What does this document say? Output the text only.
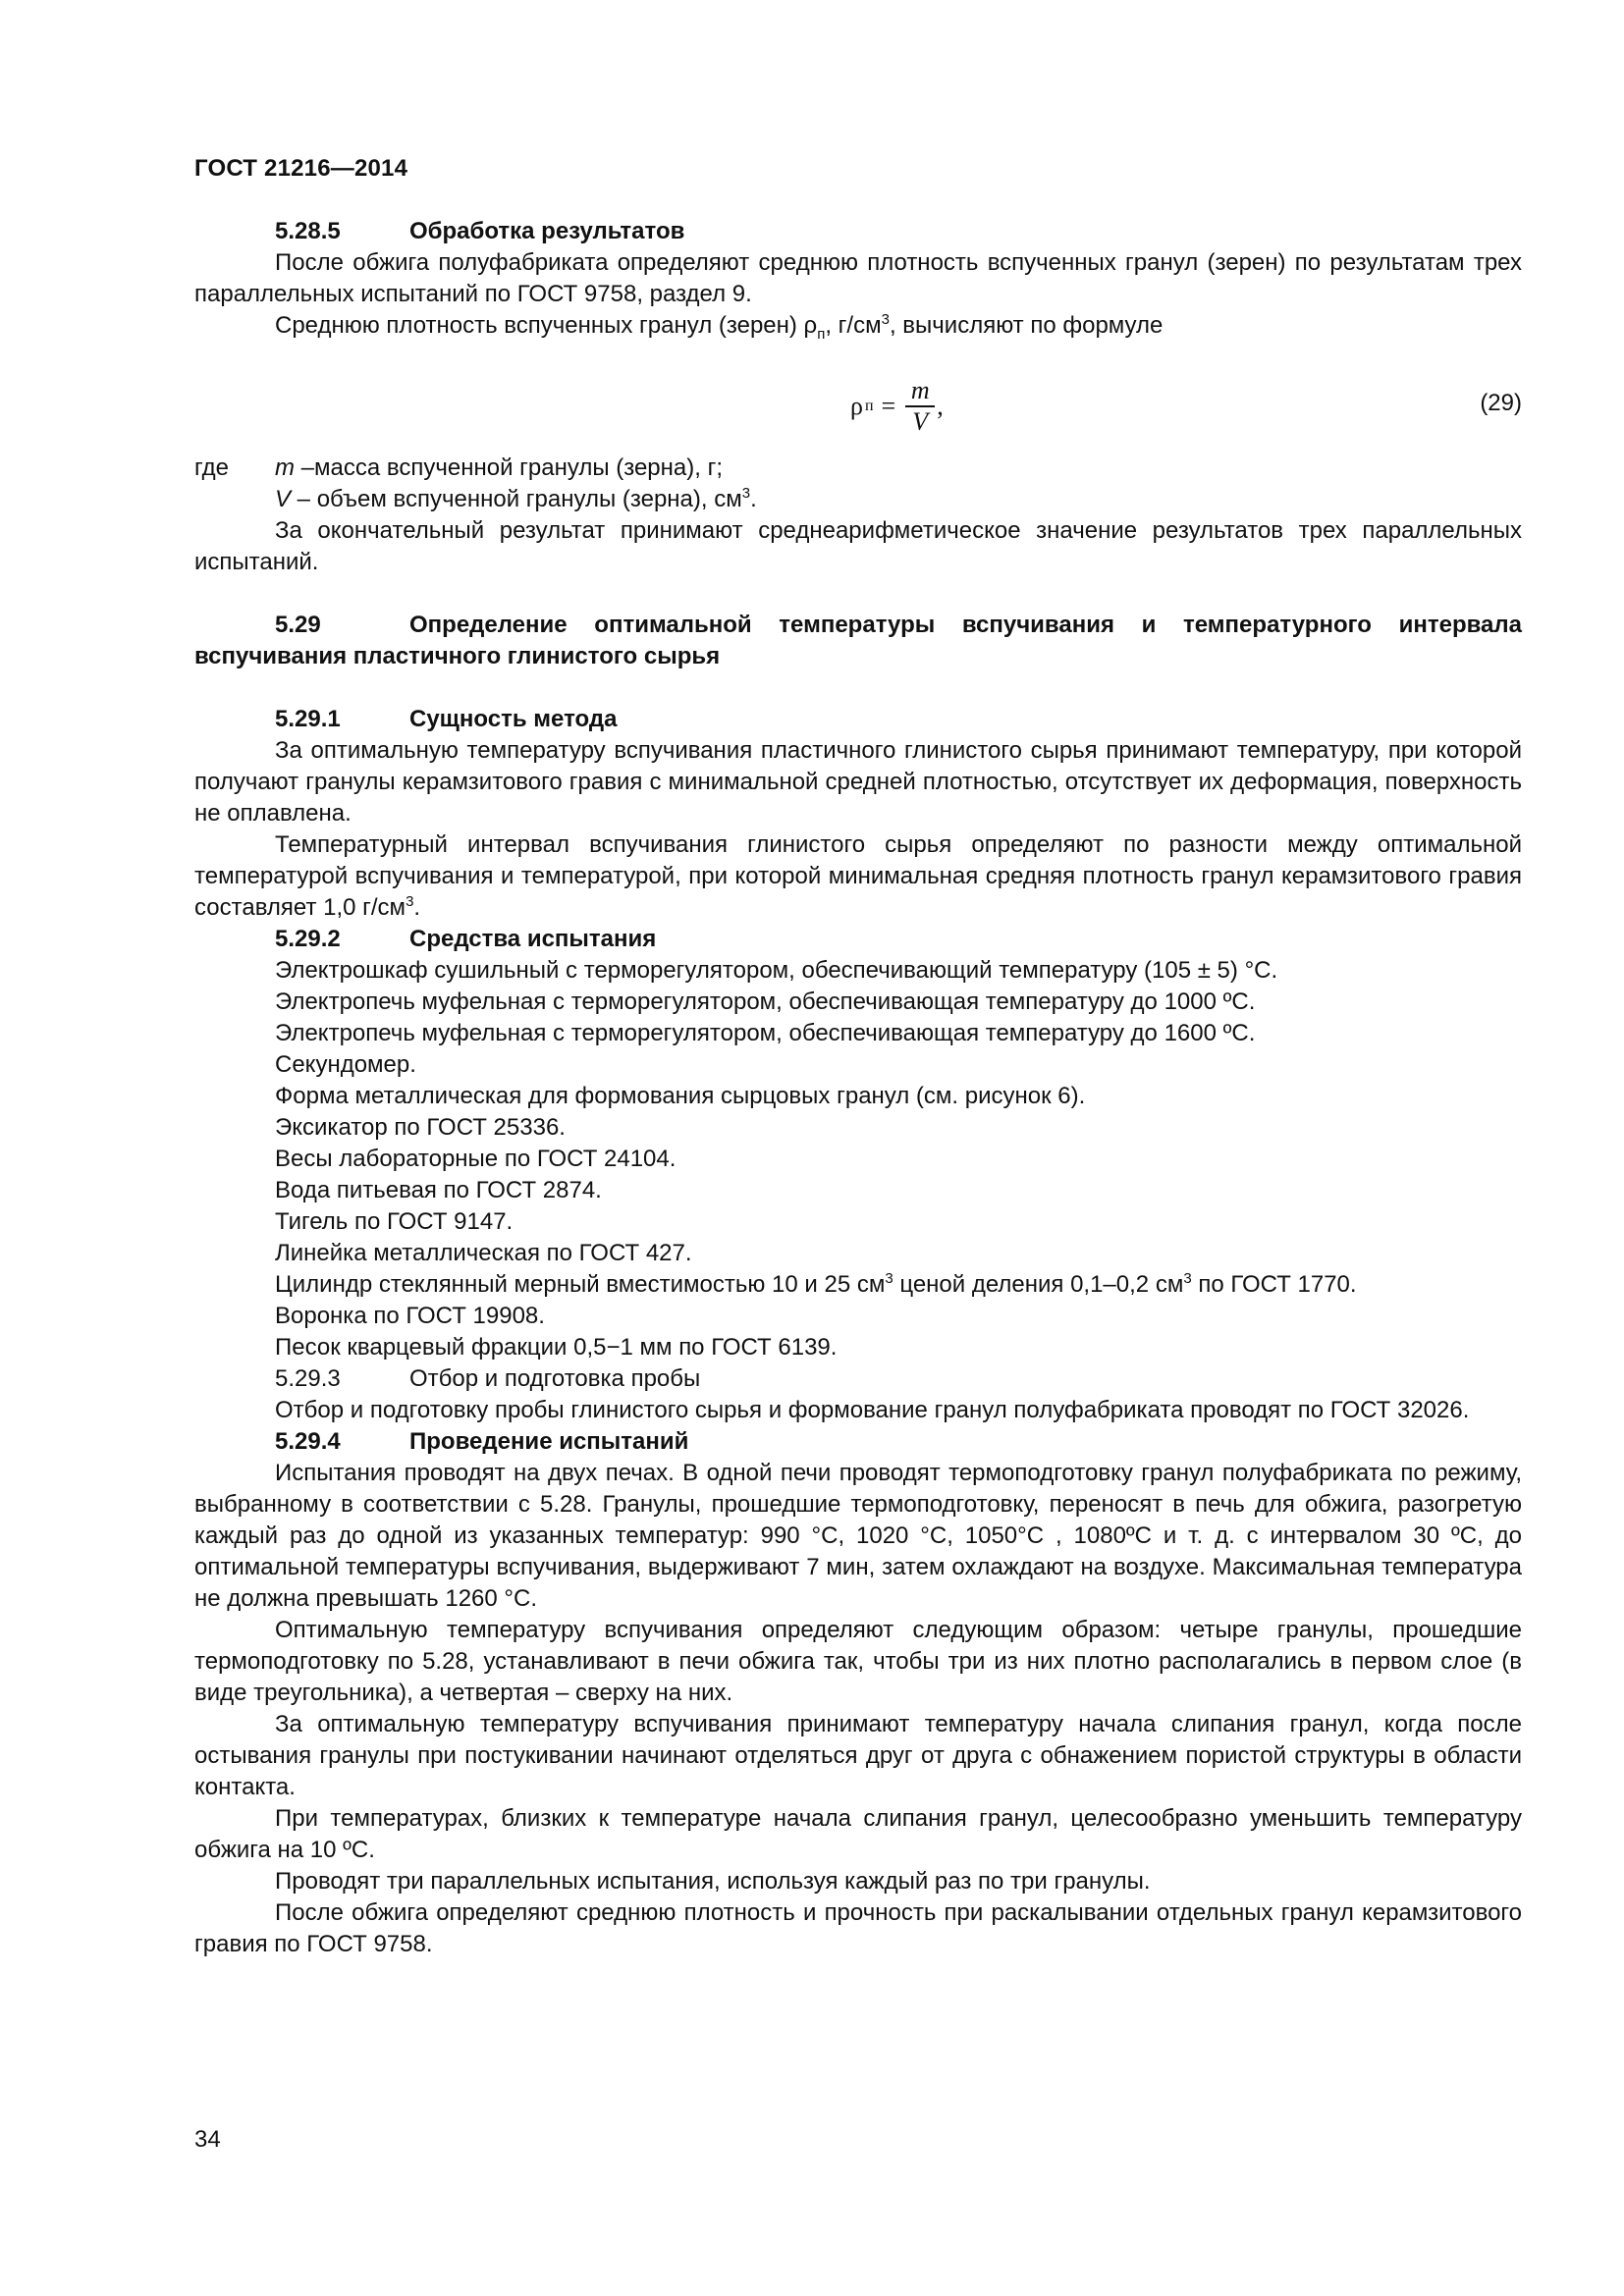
ГОСТ 21216—2014
5.28.5	Обработка результатов

После обжига полуфабриката определяют среднюю плотность вспученных гранул (зерен) по результатам трех параллельных испытаний по ГОСТ 9758, раздел 9.

Среднюю плотность вспученных гранул (зерен) $\rho_п$, $г/см^3$, вычисляют по формуле

ρ $п = \frac{m}{V}$ ,	(29)
где	m –масса вспученной гранулы (зерна), г;

V – объем вспученной гранулы (зерна), $см^3$.

За окончательный результат принимают среднеарифметическое значение результатов трех параллельных испытаний.

5.29	Определение оптимальной температуры вспучивания и температурного интервала вспучивания пластичного глинистого сырья

5.29.1	Сущность метода

За оптимальную температуру вспучивания пластичного глинистого сырья принимают температуру, при которой получают гранулы керамзитового гравия с минимальной средней плотностью, отсутствует их деформация, поверхность не оплавлена.

Температурный интервал вспучивания глинистого сырья определяют по разности между оптимальной температурой вспучивания и температурой, при которой минимальная средняя плотность гранул керамзитового гравия составляет 1,0 $г/см^3$.

5.29.2	Средства испытания

Электрошкаф сушильный с терморегулятором, обеспечивающий температуру (105 ± 5) °С.

Электропечь муфельная с терморегулятором, обеспечивающая температуру до 1000 ºС.

Электропечь муфельная с терморегулятором, обеспечивающая температуру до 1600 ºС.

Секундомер.

Форма металлическая для формования сырцовых гранул (см. рисунок 6).

Эксикатор по ГОСТ 25336.

Весы лабораторные по ГОСТ 24104.

Вода питьевая по ГОСТ 2874.

Тигель по ГОСТ 9147.

Линейка металлическая по ГОСТ 427.

Цилиндр стеклянный мерный вместимостью 10 и 25 $см^3$ ценой деления 0,1–0,2 $см^3$ по ГОСТ 1770.

Воронка по ГОСТ 19908.

Песок кварцевый фракции 0,5−1 мм по ГОСТ 6139.

5.29.3	Отбор и подготовка пробы

Отбор и подготовку пробы глинистого сырья и формование гранул полуфабриката проводят по ГОСТ 32026.

5.29.4	Проведение испытаний

Испытания проводят на двух печах. В одной печи проводят термоподготовку гранул полуфабриката по режиму, выбранному в соответствии с 5.28. Гранулы, прошедшие термоподготовку, переносят в печь для обжига, разогретую каждый раз до одной из указанных температур: 990 °С, 1020 °С, 1050°С , 1080ºС и т. д. с интервалом 30 ºС, до оптимальной температуры вспучивания, выдерживают 7 мин, затем охлаждают на воздухе. Максимальная температура не должна превышать 1260 °С.

Оптимальную температуру вспучивания определяют следующим образом: четыре гранулы, прошедшие термоподготовку по 5.28, устанавливают в печи обжига так, чтобы три из них плотно располагались в первом слое (в виде треугольника), а четвертая – сверху на них.

За оптимальную температуру вспучивания принимают температуру начала слипания гранул, когда после остывания гранулы при постукивании начинают отделяться друг от друга с обнажением пористой структуры в области контакта.

При температурах, близких к температуре начала слипания гранул, целесообразно уменьшить температуру обжига на 10 ºС.

Проводят три параллельных испытания, используя каждый раз по три гранулы.

После обжига определяют среднюю плотность и прочность при раскалывании отдельных гранул керамзитового гравия по ГОСТ 9758.

34
